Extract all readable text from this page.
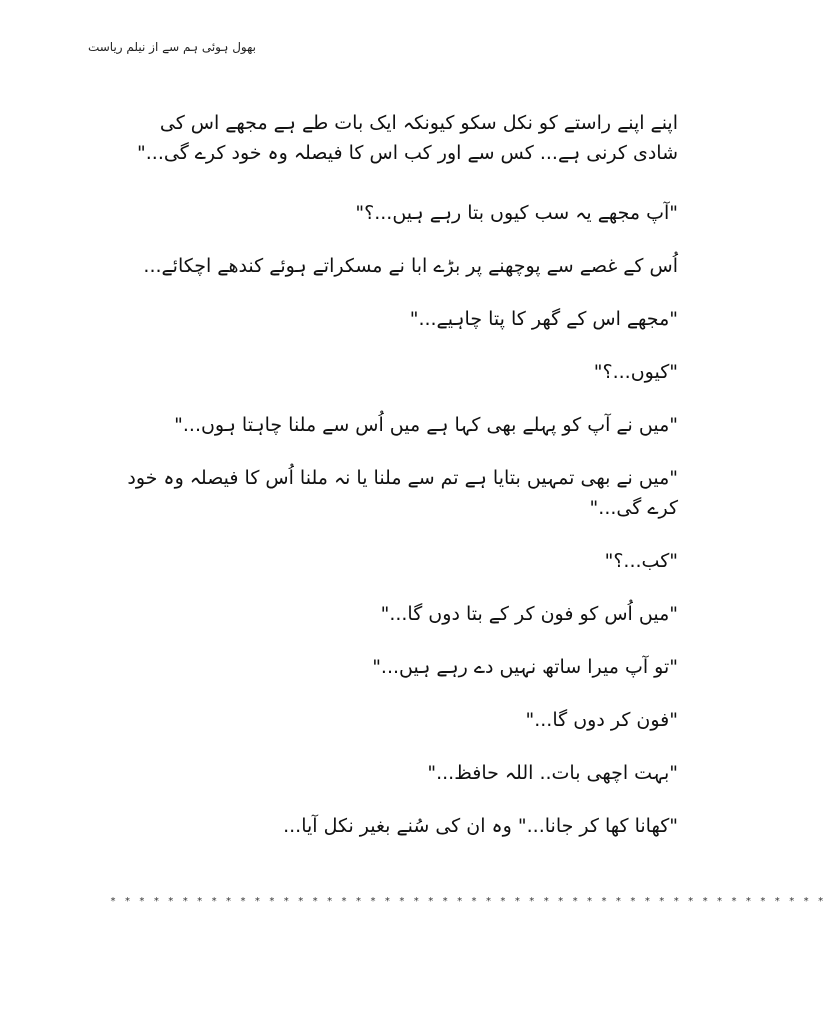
بھول ہوئی ہم سے از نیلم ریاست

اپنے اپنے راستے کو نکل سکو کیونکہ ایک بات طے ہے مجھے اس کی شادی کرنی ہے... کس سے اور کب اس کا فیصلہ وہ خود کرے گی..."

"آپ مجھے یہ سب کیوں بتا رہے ہیں...؟"

اُس کے غصے سے پوچھنے پر بڑے ابا نے مسکراتے ہوئے کندھے اچکائے...

"مجھے اس کے گھر کا پتا چاہیے..."

"کیوں...؟"

"میں نے آپ کو پہلے بھی کہا ہے میں اُس سے ملنا چاہتا ہوں..."

"میں نے بھی تمہیں بتایا ہے تم سے ملنا یا نہ ملنا اُس کا فیصلہ وہ خود کرے گی..."

"کب...؟"

"میں اُس کو فون کر کے بتا دوں گا..."

"تو آپ میرا ساتھ نہیں دے رہے ہیں..."

"فون کر دوں گا..."

"بہت اچھی بات.. اللہ حافظ..."

"کھانا کھا کر جانا..." وہ ان کی سُنے بغیر نکل آیا...

* * * * * * * * * * * * * * * * * * * * * * * * * * * * * * * * * * * * * * * * * * * * * * * * * *
